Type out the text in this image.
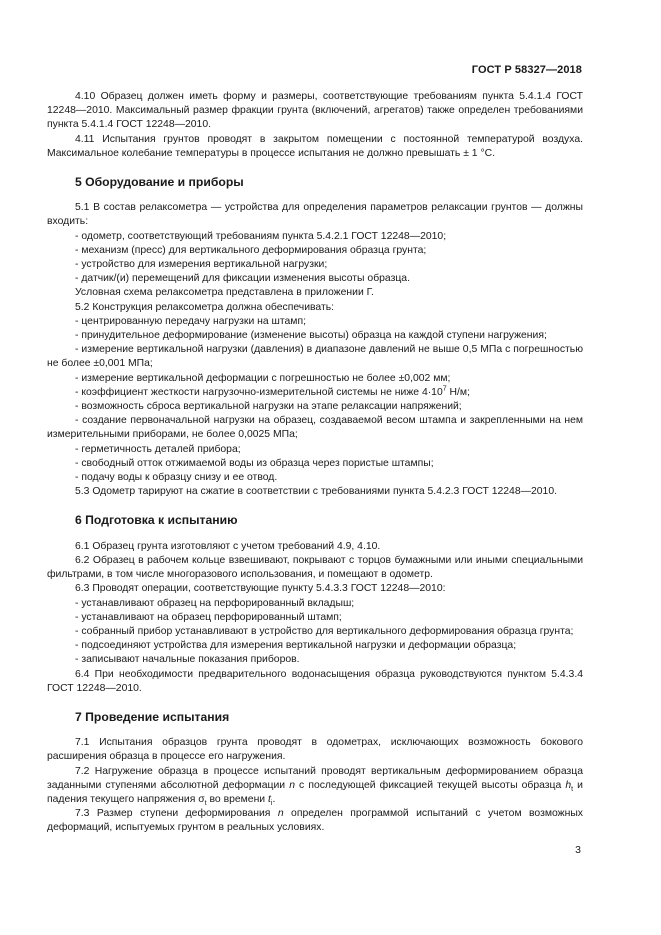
ГОСТ Р 58327—2018

4.10 Образец должен иметь форму и размеры, соответствующие требованиям пункта 5.4.1.4 ГОСТ 12248—2010. Максимальный размер фракции грунта (включений, агрегатов) также определен требованиями пункта 5.4.1.4 ГОСТ 12248—2010.

4.11 Испытания грунтов проводят в закрытом помещении с постоянной температурой воздуха. Максимальное колебание температуры в процессе испытания не должно превышать ± 1 °С.

5 Оборудование и приборы

5.1 В состав релаксометра — устройства для определения параметров релаксации грунтов — должны входить:

- одометр, соответствующий требованиям пункта 5.4.2.1 ГОСТ 12248—2010;

- механизм (пресс) для вертикального деформирования образца грунта;

- устройство для измерения вертикальной нагрузки;

- датчик/(и) перемещений для фиксации изменения высоты образца.

Условная схема релаксометра представлена в приложении Г.

5.2 Конструкция релаксометра должна обеспечивать:

- центрированную передачу нагрузки на штамп;

- принудительное деформирование (изменение высоты) образца на каждой ступени нагружения;

- измерение вертикальной нагрузки (давления) в диапазоне давлений не выше 0,5 МПа с погрешностью не более ±0,001 МПа;

- измерение вертикальной деформации с погрешностью не более ±0,002 мм;

- коэффициент жесткости нагрузочно-измерительной системы не ниже $4\cdot 10^7$ Н/м;

- возможность сброса вертикальной нагрузки на этапе релаксации напряжений;

- создание первоначальной нагрузки на образец, создаваемой весом штампа и закрепленными на нем измерительными приборами, не более 0,0025 МПа;

- герметичность деталей прибора;

- свободный отток отжимаемой воды из образца через пористые штампы;

- подачу воды к образцу снизу и ее отвод.

5.3 Одометр тарируют на сжатие в соответствии с требованиями пункта 5.4.2.3 ГОСТ 12248—2010.

6 Подготовка к испытанию

6.1 Образец грунта изготовляют с учетом требований 4.9, 4.10.

6.2 Образец в рабочем кольце взвешивают, покрывают с торцов бумажными или иными специальными фильтрами, в том числе многоразового использования, и помещают в одометр.

6.3 Проводят операции, соответствующие пункту 5.4.3.3 ГОСТ 12248—2010:

- устанавливают образец на перфорированный вкладыш;

- устанавливают на образец перфорированный штамп;

- собранный прибор устанавливают в устройство для вертикального деформирования образца грунта;

- подсоединяют устройства для измерения вертикальной нагрузки и деформации образца;

- записывают начальные показания приборов.

6.4 При необходимости предварительного водонасыщения образца руководствуются пунктом 5.4.3.4 ГОСТ 12248—2010.

7 Проведение испытания

7.1 Испытания образцов грунта проводят в одометрах, исключающих возможность бокового расширения образца в процессе его нагружения.

7.2 Нагружение образца в процессе испытаний проводят вертикальным деформированием образца заданными ступенями абсолютной деформации n с последующей фиксацией текущей высоты образца $h_t$ и падения текущего напряжения $\sigma_t$ во времени $t_i$.

7.3 Размер ступени деформирования n определен программой испытаний с учетом возможных деформаций, испытуемых грунтом в реальных условиях.

3
